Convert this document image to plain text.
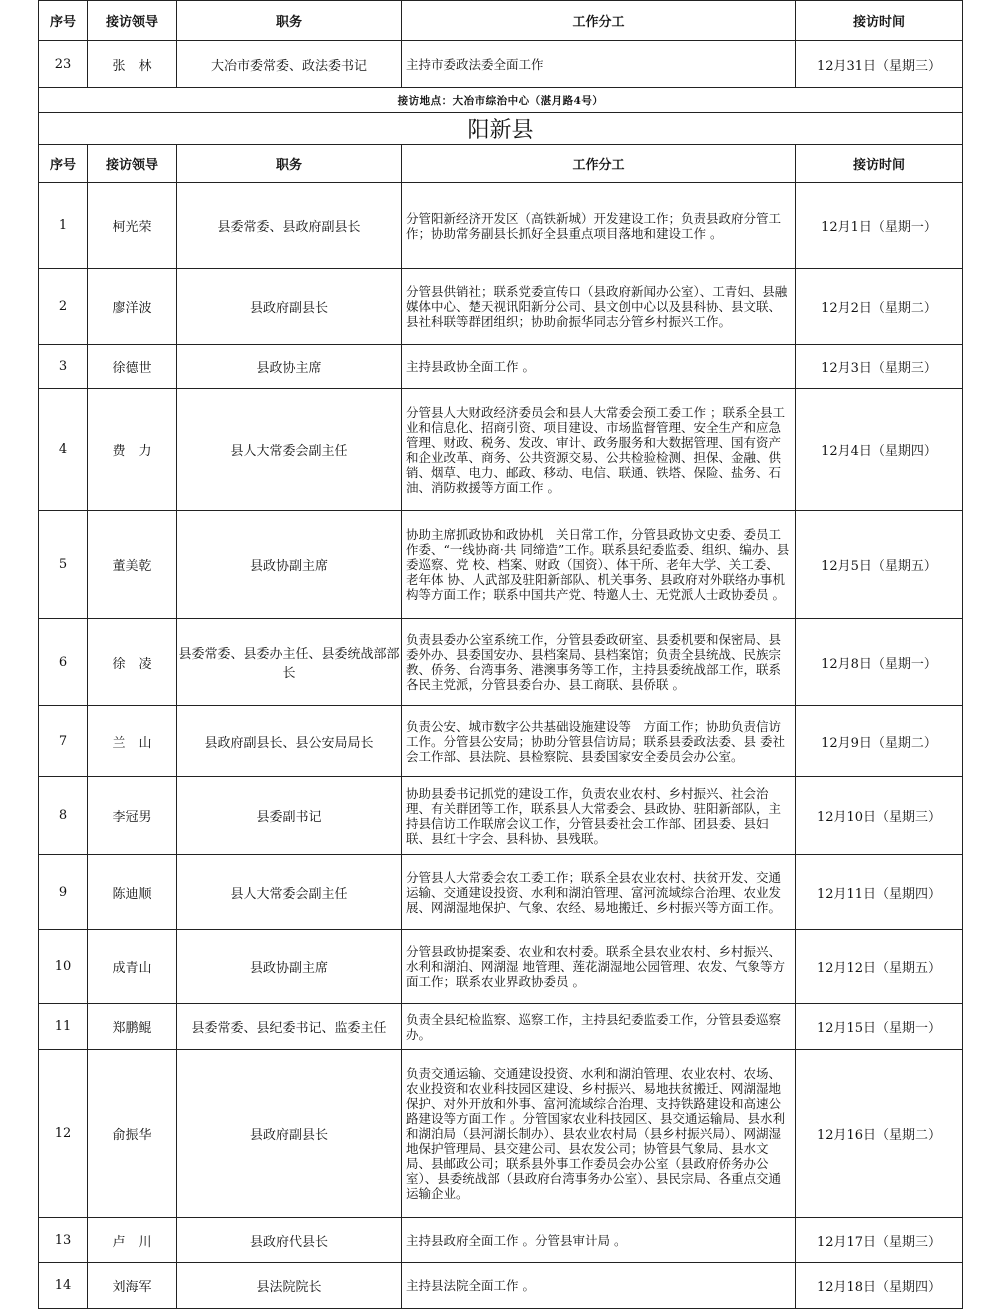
序号	接访领导	职务	工作分工	接访时间
23	张　林	大冶市委常委、政法委书记	主持市委政法委全面工作	12月31日（星期三）
接访地点：大冶市综治中心（湛月路4号）				
阳新县				
序号	接访领导	职务	工作分工	接访时间
1	柯光荣	县委常委、县政府副县长	分管阳新经济开发区（高铁新城）开发建设工作；负责县政府分管工作；协助常务副县长抓好全县重点项目落地和建设工作 。	12月1日（星期一）
2	廖洋波	县政府副县长	分管县供销社；联系党委宣传口（县政府新闻办公室）、工青妇、县融媒体中心、楚天视讯阳新分公司、县文创中心以及县科协、县文联、县社科联等群团组织；协助俞振华同志分管乡村振兴工作。	12月2日（星期二）
3	徐德世	县政协主席	主持县政协全面工作 。	12月3日（星期三）
4	费　力	县人大常委会副主任	分管县人大财政经济委员会和县人大常委会预工委工作 ；联系全县工业和信息化、招商引资、项目建设、市场监督管理、安全生产和应急管理、财政、税务、发改、审计、政务服务和大数据管理、国有资产和企业改革、商务、公共资源交易、公共检验检测、担保、金融、供销、烟草、电力、邮政、移动、电信、联通、铁塔、保险、盐务、石油、消防救援等方面工作 。	12月4日（星期四）
5	董美乾	县政协副主席	协助主席抓政协和政协机　关日常工作，分管县政协文史委、委员工作委、“一线协商·共 同缔造”工作。联系县纪委监委、组织、编办、县委巡察、党 校、档案、财政（国资）、体干所、老年大学、关工委、老年体 协、人武部及驻阳新部队、机关事务、县政府对外联络办事机　构等方面工作；联系中国共产党、特邀人士、无党派人士政协委员 。	12月5日（星期五）
6	徐　凌	县委常委、县委办主任、县委统战部部长	负责县委办公室系统工作，分管县委政研室、县委机要和保密局、县委外办、县委国安办、县档案局、县档案馆；负责全县统战、民族宗教、侨务、台湾事务、港澳事务等工作，主持县委统战部工作，联系各民主党派，分管县委台办、县工商联、县侨联 。	12月8日（星期一）
7	兰　山	县政府副县长、县公安局局长	负责公安、城市数字公共基础设施建设等　方面工作；协助负责信访工作。分管县公安局；协助分管县信访局；联系县委政法委、县 委社会工作部、县法院、县检察院、县委国家安全委员会办公室。	12月9日（星期二）
8	李冠男	县委副书记	协助县委书记抓党的建设工作，负责农业农村、乡村振兴、社会治理、有关群团等工作，联系县人大常委会、县政协、驻阳新部队，主持县信访工作联席会议工作，分管县委社会工作部、团县委、县妇联、县红十字会、县科协、县残联。	12月10日（星期三）
9	陈迪顺	县人大常委会副主任	分管县人大常委会农工委工作；联系全县农业农村、扶贫开发、交通运输、交通建设投资、水利和湖泊管理、富河流域综合治理、农业发展、网湖湿地保护、气象、农经、易地搬迁、乡村振兴等方面工作。	12月11日（星期四）
10	成青山	县政协副主席	分管县政协提案委、农业和农村委。联系全县农业农村、乡村振兴、水利和湖泊、网湖湿 地管理、莲花湖湿地公园管理、农发、气象等方面工作；联系农业界政协委员 。	12月12日（星期五）
11	郑鹏鲲	县委常委、县纪委书记、监委主任	负责全县纪检监察、巡察工作，主持县纪委监委工作，分管县委巡察办。	12月15日（星期一）
12	俞振华	县政府副县长	负责交通运输、交通建设投资、水利和湖泊管理、农业农村、农场、农业投资和农业科技园区建设、乡村振兴、易地扶贫搬迁、网湖湿地保护、对外开放和外事、富河流域综合治理、支持铁路建设和高速公路建设等方面工作 。分管国家农业科技园区、县交通运输局、县水利和湖泊局（县河湖长制办）、县农业农村局（县乡村振兴局）、网湖湿地保护管理局、县交建公司、县农发公司；协管县气象局、县水文局、县邮政公司；联系县外事工作委员会办公室（县政府侨务办公室）、县委统战部（县政府台湾事务办公室）、县民宗局、各重点交通运输企业。	12月16日（星期二）
13	卢　川	县政府代县长	主持县政府全面工作 。分管县审计局 。	12月17日（星期三）
14	刘海军	县法院院长	主持县法院全面工作 。	12月18日（星期四）
